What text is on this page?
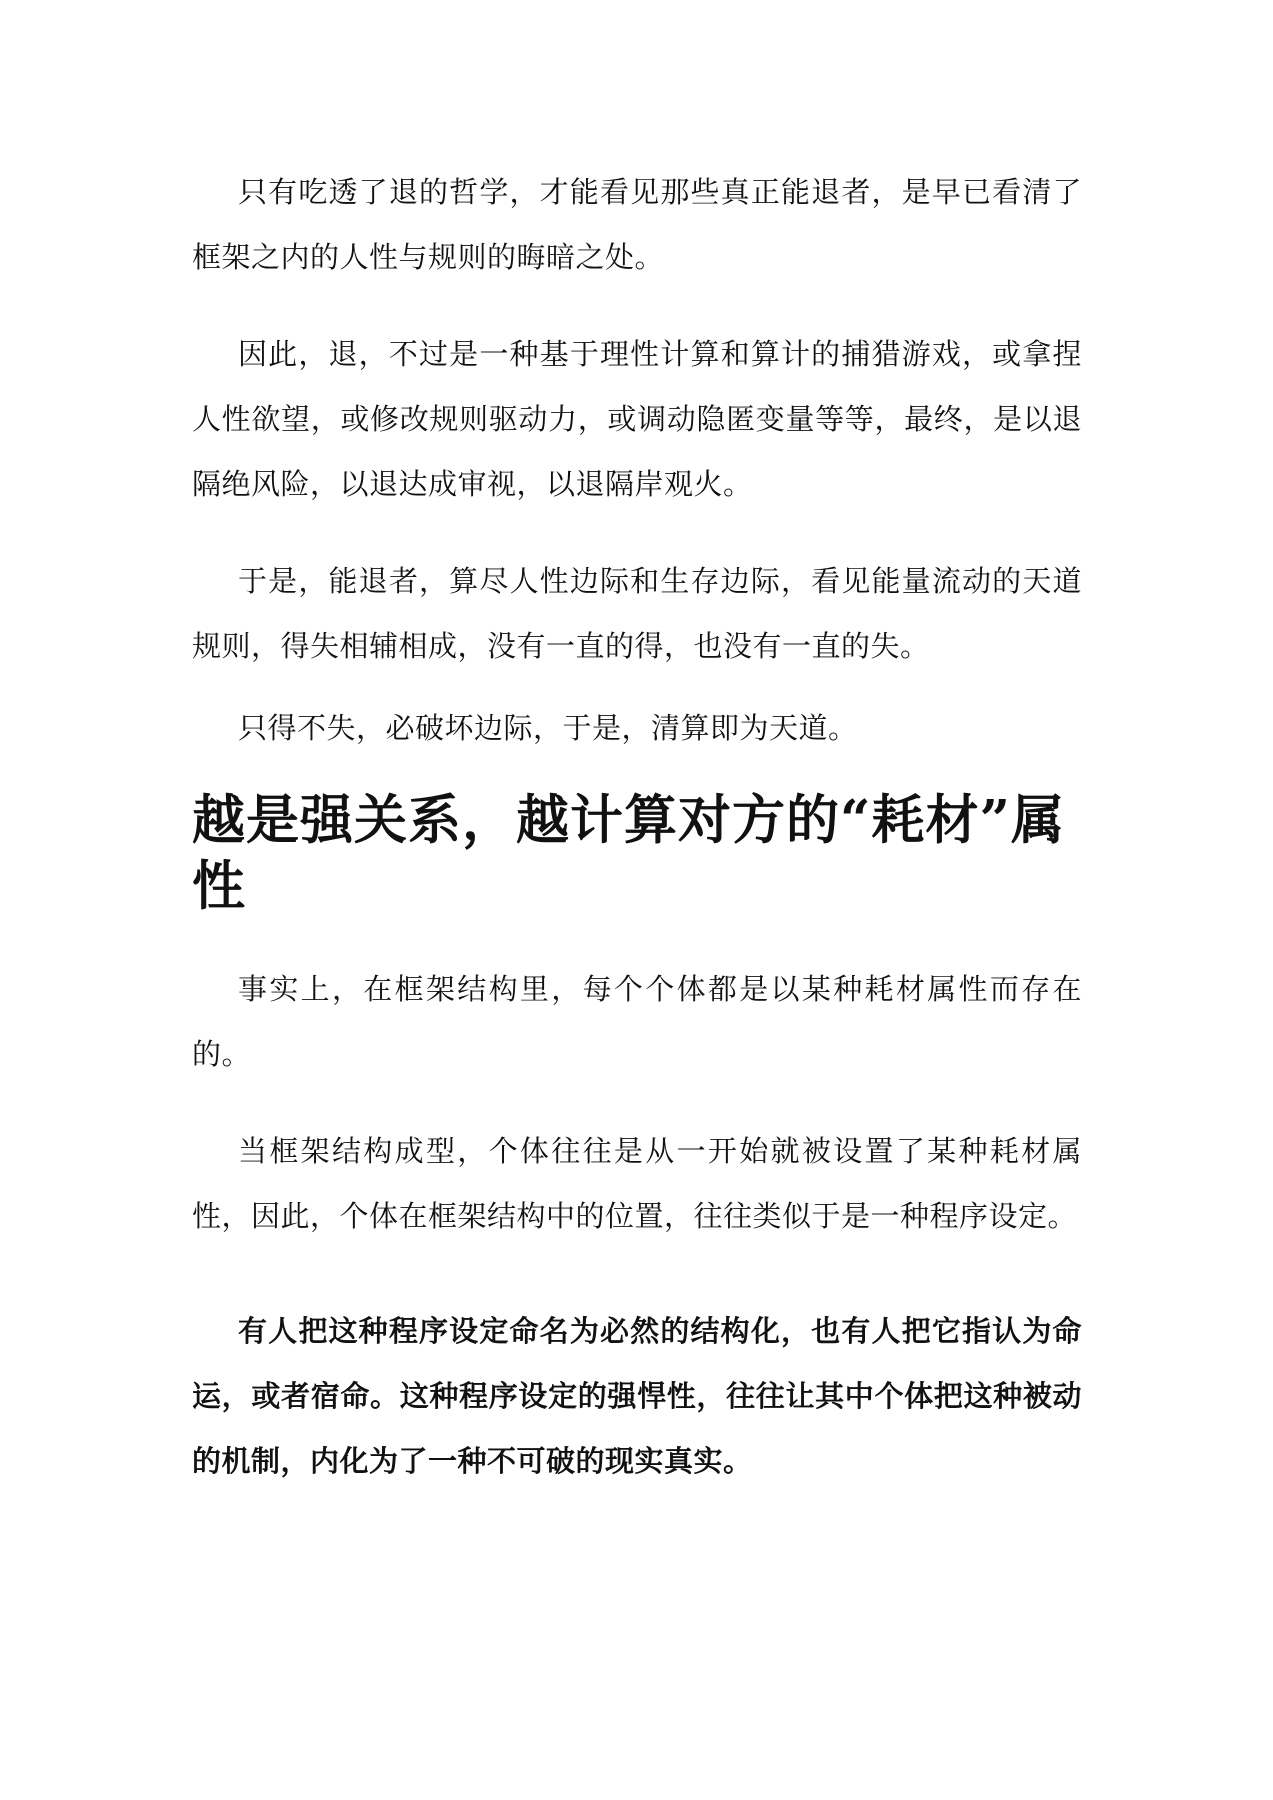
只有吃透了退的哲学，才能看见那些真正能退者，是早已看清了框架之内的人性与规则的晦暗之处。

因此，退，不过是一种基于理性计算和算计的捕猎游戏，或拿捏人性欲望，或修改规则驱动力，或调动隐匿变量等等，最终，是以退隔绝风险，以退达成审视，以退隔岸观火。

于是，能退者，算尽人性边际和生存边际，看见能量流动的天道规则，得失相辅相成，没有一直的得，也没有一直的失。

只得不失，必破坏边际，于是，清算即为天道。

越是强关系，越计算对方的“耗材”属性

事实上，在框架结构里，每个个体都是以某种耗材属性而存在的。

当框架结构成型，个体往往是从一开始就被设置了某种耗材属性，因此，个体在框架结构中的位置，往往类似于是一种程序设定。

有人把这种程序设定命名为必然的结构化，也有人把它指认为命运，或者宿命。这种程序设定的强悍性，往往让其中个体把这种被动的机制，内化为了一种不可破的现实真实。
